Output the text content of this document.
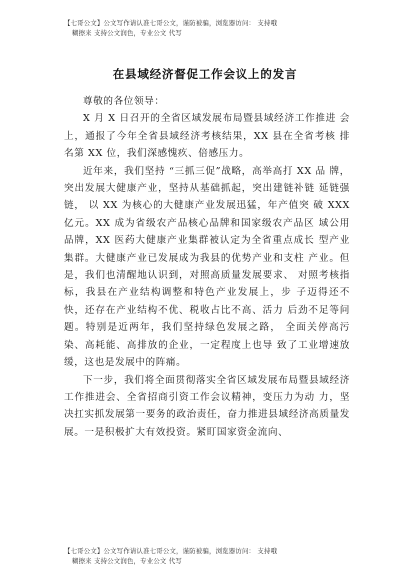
【七哥公文】公文写作请认准七哥公文，谨防被骗，浏览器访问： 支持哦
糊擦来 支持公文润色，专业公文 代写
在县域经济督促工作会议上的发言

尊敬的各位领导：

X 月 X 日召开的全省区域发展布局暨县域经济工作推进 会上，通报了今年全省县域经济考核结果，XX 县在全省考核 排名第 XX 位，我们深感愧疚、倍感压力。

近年来，我们坚持 “三抓三促”战略，高举高打 XX 品 牌，突出发展大健康产业，坚持从基础抓起，突出建链补链 延链强链， 以 XX 为核心的大健康产业发展迅猛，年产值突 破 XXX 亿元。XX 成为省级农产品核心品牌和国家级农产品区 域公用品牌，XX 医药大健康产业集群被认定为全省重点成长 型产业集群。大健康产业已发展成为我县的优势产业和支柱 产业。但是，我们也清醒地认识到，对照高质量发展要求、 对照考核指标，我县在产业结构调整和特色产业发展上，步 子迈得还不快，还存在产业结构不优、税收占比不高、活力 后劲不足等问题。特别是近两年，我们坚持绿色发展之路， 全面关停高污染、高耗能、高排放的企业，一定程度上也导 致了工业增速放缓，这也是发展中的阵痛。

下一步，我们将全面贯彻落实全省区域发展布局暨县域经济工作推进会、全省招商引资工作会议精神，变压力为动 力，坚决扛实抓发展第一要务的政治责任，奋力推进县域经济高质量发展。一是积极扩大有效投资。紧盯国家资金流向、

【七哥公文】公文写作请认准七哥公文，谨防被骗，浏览器访问： 支持哦
糊擦来 支持公文润色，专业公文 代写
